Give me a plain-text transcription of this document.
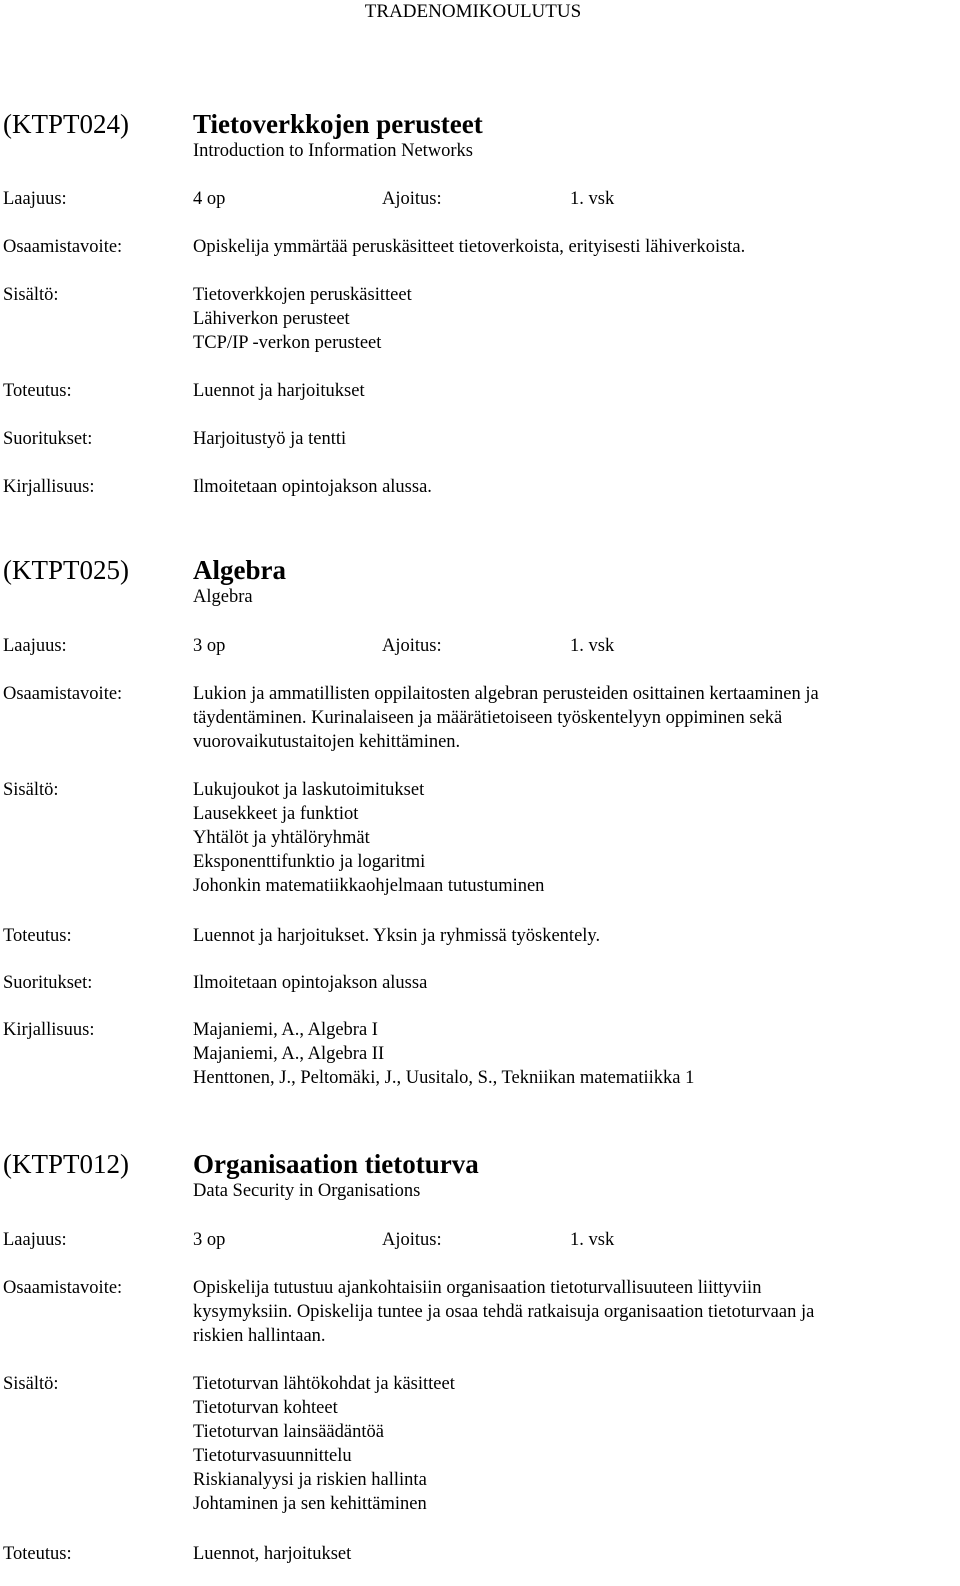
TRADENOMIKOULUTUS
(KTPT024) Tietoverkkojen perusteet
Introduction to Information Networks
Laajuus:	4 op	Ajoitus:	1. vsk
Osaamistavoite:	Opiskelija ymmärtää peruskäsitteet tietoverkoista, erityisesti lähiverkoista.
Sisältö:	Tietoverkkojen peruskäsitteet
Lähiverkon perusteet
TCP/IP -verkon perusteet
Toteutus:	Luennot ja harjoitukset
Suoritukset:	Harjoitustyö ja tentti
Kirjallisuus:	Ilmoitetaan opintojakson alussa.
(KTPT025) Algebra
Algebra
Laajuus:	3 op	Ajoitus:	1. vsk
Osaamistavoite:	Lukion ja ammatillisten oppilaitosten algebran perusteiden osittainen kertaaminen ja
täydentäminen. Kurinalaiseen ja määrätietoiseen työskentelyyn oppiminen sekä
vuorovaikutustaitojen kehittäminen.
Sisältö:	Lukujoukot ja laskutoimitukset
Lausekkeet ja funktiot
Yhtälöt ja yhtälöryhmät
Eksponenttifunktio ja logaritmi
Johonkin matematiikkaohjelmaan tutustuminen
Toteutus:	Luennot ja harjoitukset. Yksin ja ryhmissä työskentely.
Suoritukset:	Ilmoitetaan opintojakson alussa
Kirjallisuus:	Majaniemi, A., Algebra I
Majaniemi, A., Algebra II
Henttonen, J., Peltomäki, J., Uusitalo, S., Tekniikan matematiikka 1
(KTPT012) Organisaation tietoturva
Data Security in Organisations
Laajuus:	3 op	Ajoitus:	1. vsk
Osaamistavoite:	Opiskelija tutustuu ajankohtaisiin organisaation tietoturvallisuuteen liittyviin
kysymyksiin. Opiskelija tuntee ja osaa tehdä ratkaisuja organisaation tietoturvaan ja
riskien hallintaan.
Sisältö:	Tietoturvan lähtökohdat ja käsitteet
Tietoturvan kohteet
Tietoturvan lainsäädäntöä
Tietoturvasuunnittelu
Riskianalyysi ja riskien hallinta
Johtaminen ja sen kehittäminen
Toteutus:	Luennot, harjoitukset
